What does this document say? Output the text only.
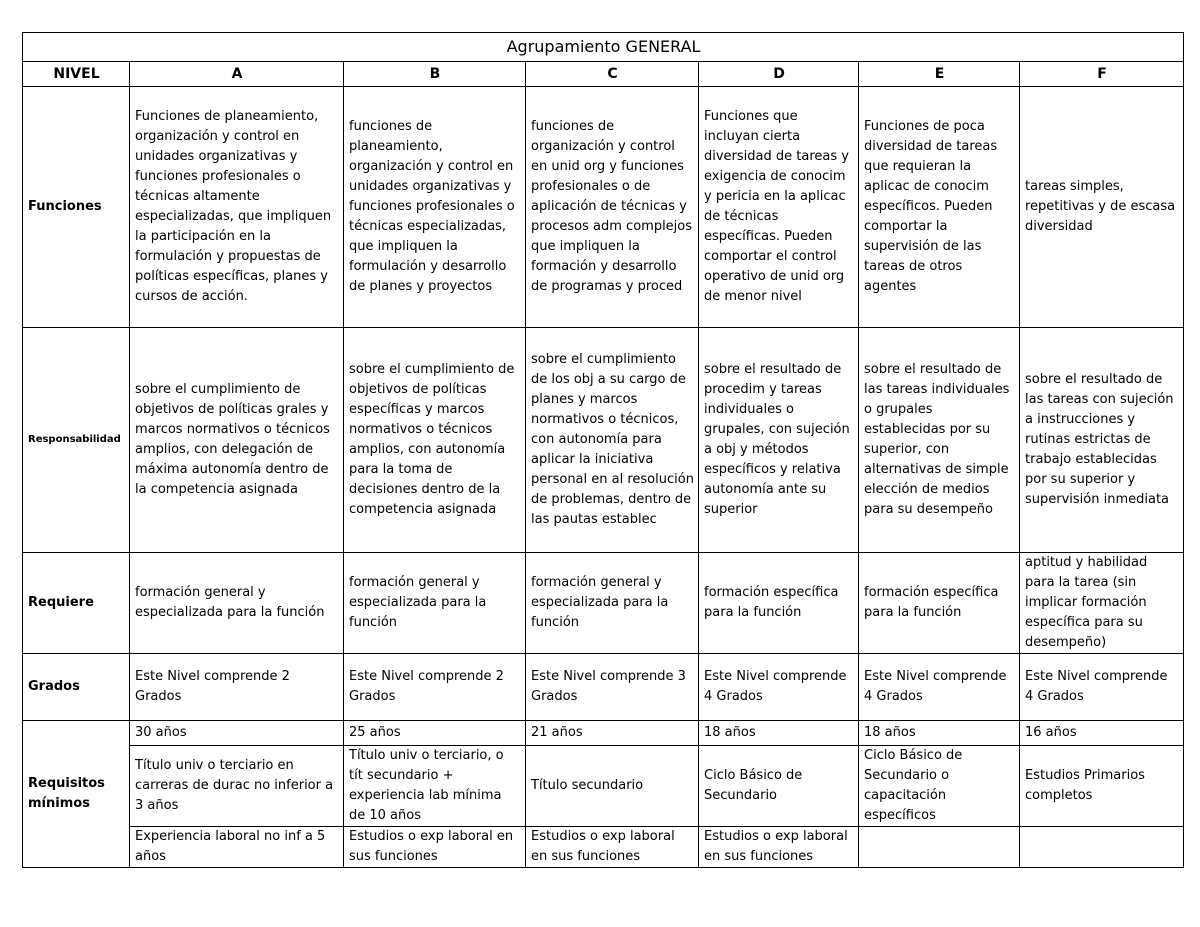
Agrupamiento GENERAL						
NIVEL	A	B	C	D	E	F
Funciones	Funciones de planeamiento, organización y control en unidades organizativas y funciones profesionales o técnicas altamente especializadas, que impliquen la participación en la formulación y propuestas de políticas específicas, planes y cursos de acción.	funciones de planeamiento, organización y control en unidades organizativas y funciones profesionales o técnicas especializadas, que impliquen la formulación y desarrollo de planes y proyectos	funciones de organización y control en unid org y funciones profesionales o de aplicación de técnicas y procesos adm complejos que impliquen la formación y desarrollo de programas y proced	Funciones que incluyan cierta diversidad de tareas y exigencia de conocim y pericia en la aplicac de técnicas específicas. Pueden comportar el control operativo de unid org de menor nivel	Funciones de poca diversidad de tareas que requieran la aplicac de conocim específicos. Pueden comportar la supervisión de las tareas de otros agentes	tareas simples, repetitivas y de escasa diversidad
Responsabilidad	sobre el cumplimiento de objetivos de políticas grales y marcos normativos o técnicos amplios, con delegación de máxima autonomía dentro de la competencia asignada	sobre el cumplimiento de objetivos de políticas específicas y marcos normativos o técnicos amplios, con autonomía para la toma de decisiones dentro de la competencia asignada	sobre el cumplimiento de los obj a su cargo de planes y marcos normativos o técnicos, con autonomía para aplicar la iniciativa personal en al resolución de problemas, dentro de las pautas establec	sobre el resultado de procedim y tareas individuales o grupales, con sujeción a obj y métodos específicos y relativa autonomía ante su superior	sobre el resultado de las tareas individuales o grupales establecidas por su superior, con alternativas de simple elección de medios para su desempeño	sobre el resultado de las tareas con sujeción a instrucciones y rutinas estrictas de trabajo establecidas por su superior y supervisión inmediata
Requiere	formación general y especializada para la función	formación general y especializada para la función	formación general y especializada para la función	formación específica para la función	formación específica para la función	aptitud y habilidad para la tarea (sin implicar formación específica para su desempeño)
Grados	Este Nivel comprende 2 Grados	Este Nivel comprende 2 Grados	Este Nivel comprende 3 Grados	Este Nivel comprende 4 Grados	Este Nivel comprende 4 Grados	Este Nivel comprende 4 Grados
Requisitos mínimos	30 años	25 años	21 años	18 años	18 años	16 años
	Título univ o terciario en carreras de durac no inferior a 3 años	Título univ o terciario, o tít secundario + experiencia lab mínima de 10 años	Título secundario	Ciclo Básico de Secundario	Ciclo Básico de Secundario o capacitación específicos	Estudios Primarios completos
	Experiencia laboral no inf a 5 años	Estudios o exp laboral en sus funciones	Estudios o exp laboral en sus funciones	Estudios o exp laboral en sus funciones		
